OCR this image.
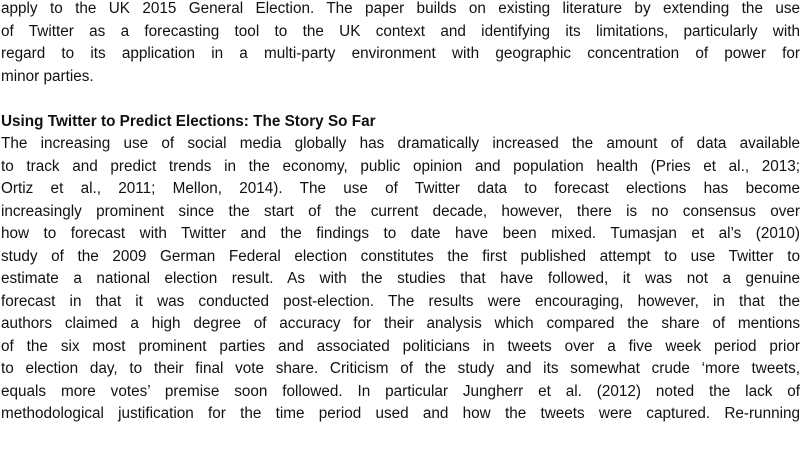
apply to the UK 2015 General Election. The paper builds on existing literature by extending the use
of Twitter as a forecasting tool to the UK context and identifying its limitations, particularly with
regard to its application in a multi-party environment with geographic concentration of power for
minor parties.
Using Twitter to Predict Elections: The Story So Far
The increasing use of social media globally has dramatically increased the amount of data available
to track and predict trends in the economy, public opinion and population health (Pries et al., 2013;
Ortiz et al., 2011; Mellon, 2014). The use of Twitter data to forecast elections has become
increasingly prominent since the start of the current decade, however, there is no consensus over
how to forecast with Twitter and the findings to date have been mixed. Tumasjan et al’s (2010)
study of the 2009 German Federal election constitutes the first published attempt to use Twitter to
estimate a national election result. As with the studies that have followed, it was not a genuine
forecast in that it was conducted post-election. The results were encouraging, however, in that the
authors claimed a high degree of accuracy for their analysis which compared the share of mentions
of the six most prominent parties and associated politicians in tweets over a five week period prior
to election day, to their final vote share. Criticism of the study and its somewhat crude ‘more tweets,
equals more votes’ premise soon followed. In particular Jungherr et al. (2012) noted the lack of
methodological justification for the time period used and how the tweets were captured. Re-running
